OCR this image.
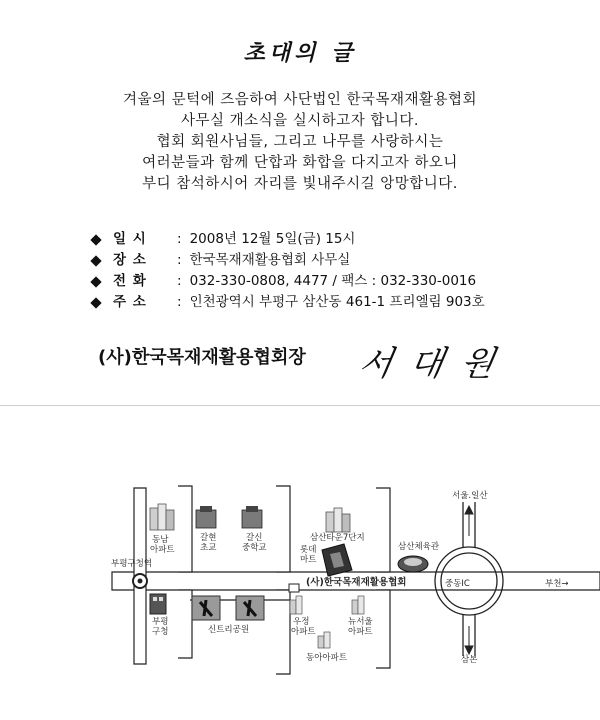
초대의 글
겨울의 문턱에 즈음하여 사단법인 한국목재재활용협회
사무실 개소식을 실시하고자 합니다.
협회 회원사님들, 그리고 나무를 사랑하시는
여러분들과 함께 단합과 화합을 다지고자 하오니
부디 참석하시어 자리를 빛내주시길 앙망합니다.
일 시	: 2008년 12월 5일(금) 15시
장 소	: 한국목재재활용협회 사무실
전 화	: 032-330-0808, 4477 / 팩스 : 032-330-0016
주 소	: 인천광역시 부평구 삼산동 461-1 프리엘림 903호
(사)한국목재재활용협회장 서대원
부평구청역
동남 아파트
갈현 초교
갈신 중학교
삼산타운7단지
롯데 마트
삼산체육관
서울.일산
부평 구청
(사)한국목재재활용협회	중동IC	부천→
신트리공원
우정 아파트
뉴서울 아파트
동아아파트	삼본
